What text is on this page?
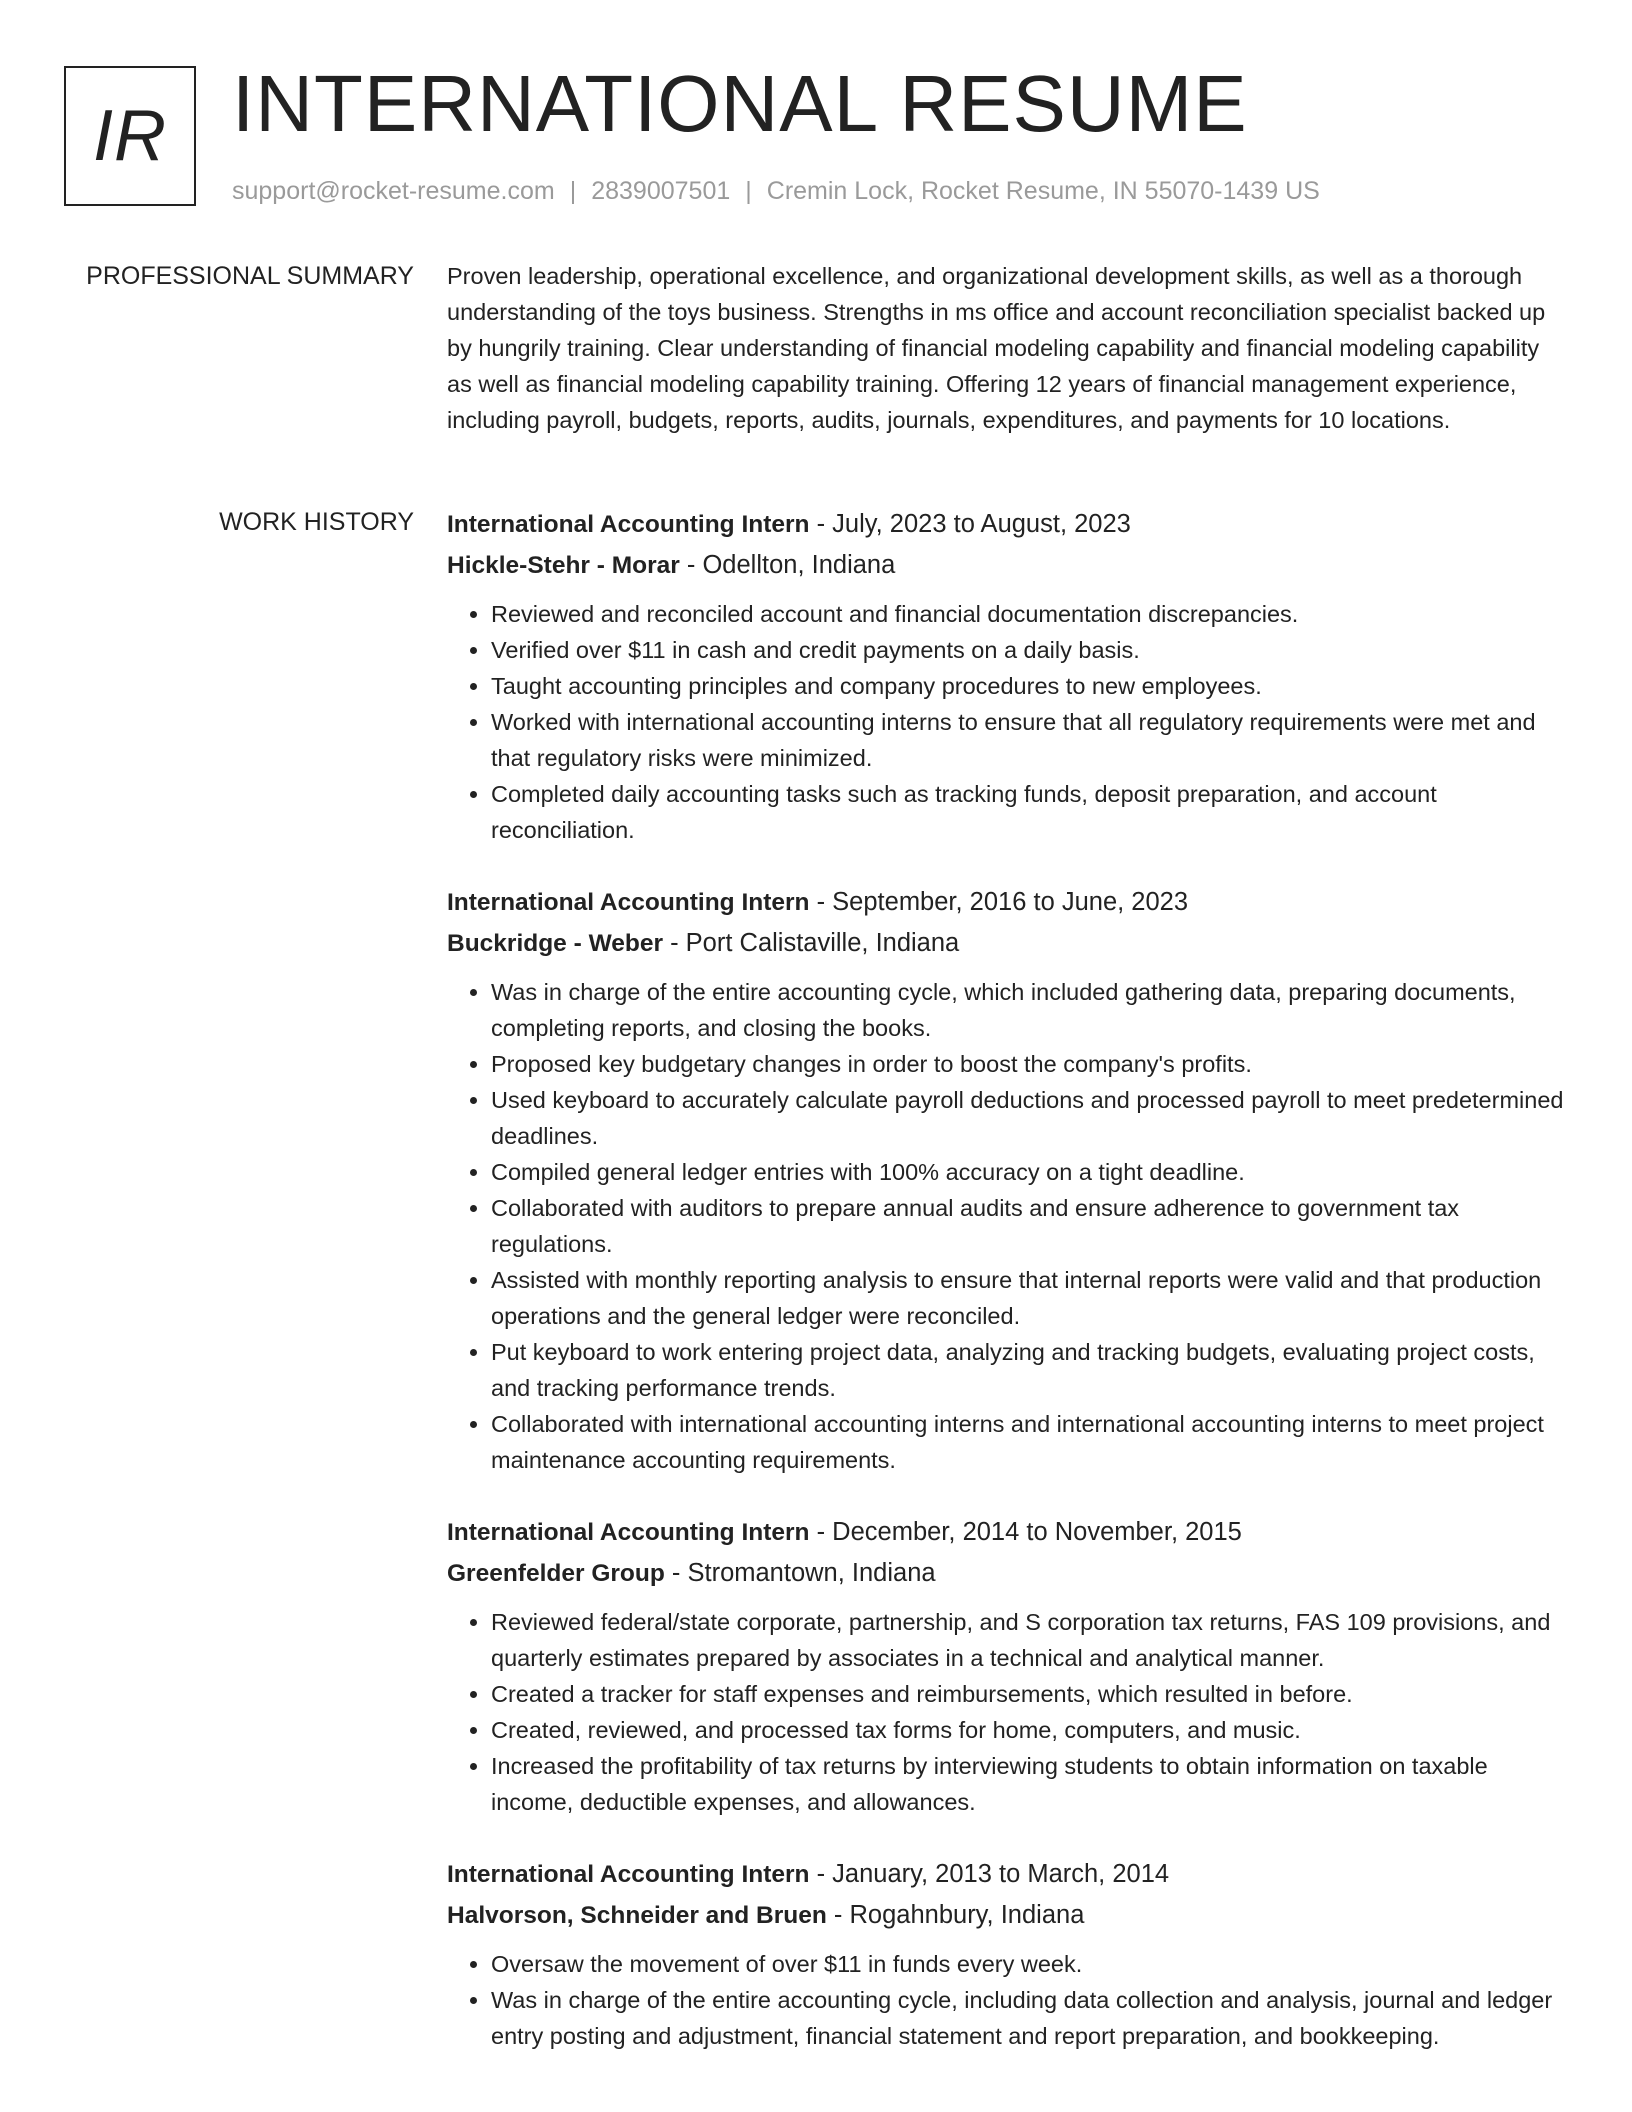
IR INTERNATIONAL RESUME
support@rocket-resume.com | 2839007501 | Cremin Lock, Rocket Resume, IN 55070-1439 US
PROFESSIONAL SUMMARY Proven leadership, operational excellence, and organizational development skills, as well as a thorough understanding of the toys business. Strengths in ms office and account reconciliation specialist backed up by hungrily training. Clear understanding of financial modeling capability and financial modeling capability as well as financial modeling capability training. Offering 12 years of financial management experience, including payroll, budgets, reports, audits, journals, expenditures, and payments for 10 locations.

WORK HISTORY International Accounting Intern - July, 2023 to August, 2023
Hickle-Stehr - Morar - Odellton, Indiana
• Reviewed and reconciled account and financial documentation discrepancies.
• Verified over $11 in cash and credit payments on a daily basis.
• Taught accounting principles and company procedures to new employees.
• Worked with international accounting interns to ensure that all regulatory requirements were met and that regulatory risks were minimized.
• Completed daily accounting tasks such as tracking funds, deposit preparation, and account reconciliation.
International Accounting Intern - September, 2016 to June, 2023
Buckridge - Weber - Port Calistaville, Indiana
• Was in charge of the entire accounting cycle, which included gathering data, preparing documents, completing reports, and closing the books.
• Proposed key budgetary changes in order to boost the company's profits.
• Used keyboard to accurately calculate payroll deductions and processed payroll to meet predetermined deadlines.
• Compiled general ledger entries with 100% accuracy on a tight deadline.
• Collaborated with auditors to prepare annual audits and ensure adherence to government tax regulations.
• Assisted with monthly reporting analysis to ensure that internal reports were valid and that production operations and the general ledger were reconciled.
• Put keyboard to work entering project data, analyzing and tracking budgets, evaluating project costs, and tracking performance trends.
• Collaborated with international accounting interns and international accounting interns to meet project maintenance accounting requirements.
International Accounting Intern - December, 2014 to November, 2015
Greenfelder Group - Stromantown, Indiana
• Reviewed federal/state corporate, partnership, and S corporation tax returns, FAS 109 provisions, and quarterly estimates prepared by associates in a technical and analytical manner.
• Created a tracker for staff expenses and reimbursements, which resulted in before.
• Created, reviewed, and processed tax forms for home, computers, and music.
• Increased the profitability of tax returns by interviewing students to obtain information on taxable income, deductible expenses, and allowances.
International Accounting Intern - January, 2013 to March, 2014
Halvorson, Schneider and Bruen - Rogahnbury, Indiana
• Oversaw the movement of over $11 in funds every week.
• Was in charge of the entire accounting cycle, including data collection and analysis, journal and ledger entry posting and adjustment, financial statement and report preparation, and bookkeeping.
